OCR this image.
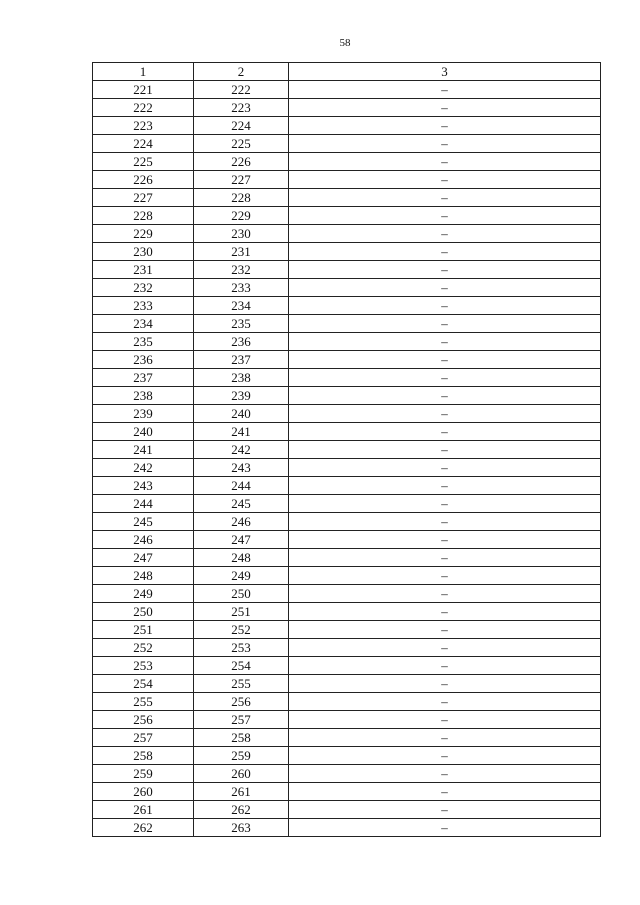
58
1	2	3
221	222	–
222	223	–
223	224	–
224	225	–
225	226	–
226	227	–
227	228	–
228	229	–
229	230	–
230	231	–
231	232	–
232	233	–
233	234	–
234	235	–
235	236	–
236	237	–
237	238	–
238	239	–
239	240	–
240	241	–
241	242	–
242	243	–
243	244	–
244	245	–
245	246	–
246	247	–
247	248	–
248	249	–
249	250	–
250	251	–
251	252	–
252	253	–
253	254	–
254	255	–
255	256	–
256	257	–
257	258	–
258	259	–
259	260	–
260	261	–
261	262	–
262	263	–
